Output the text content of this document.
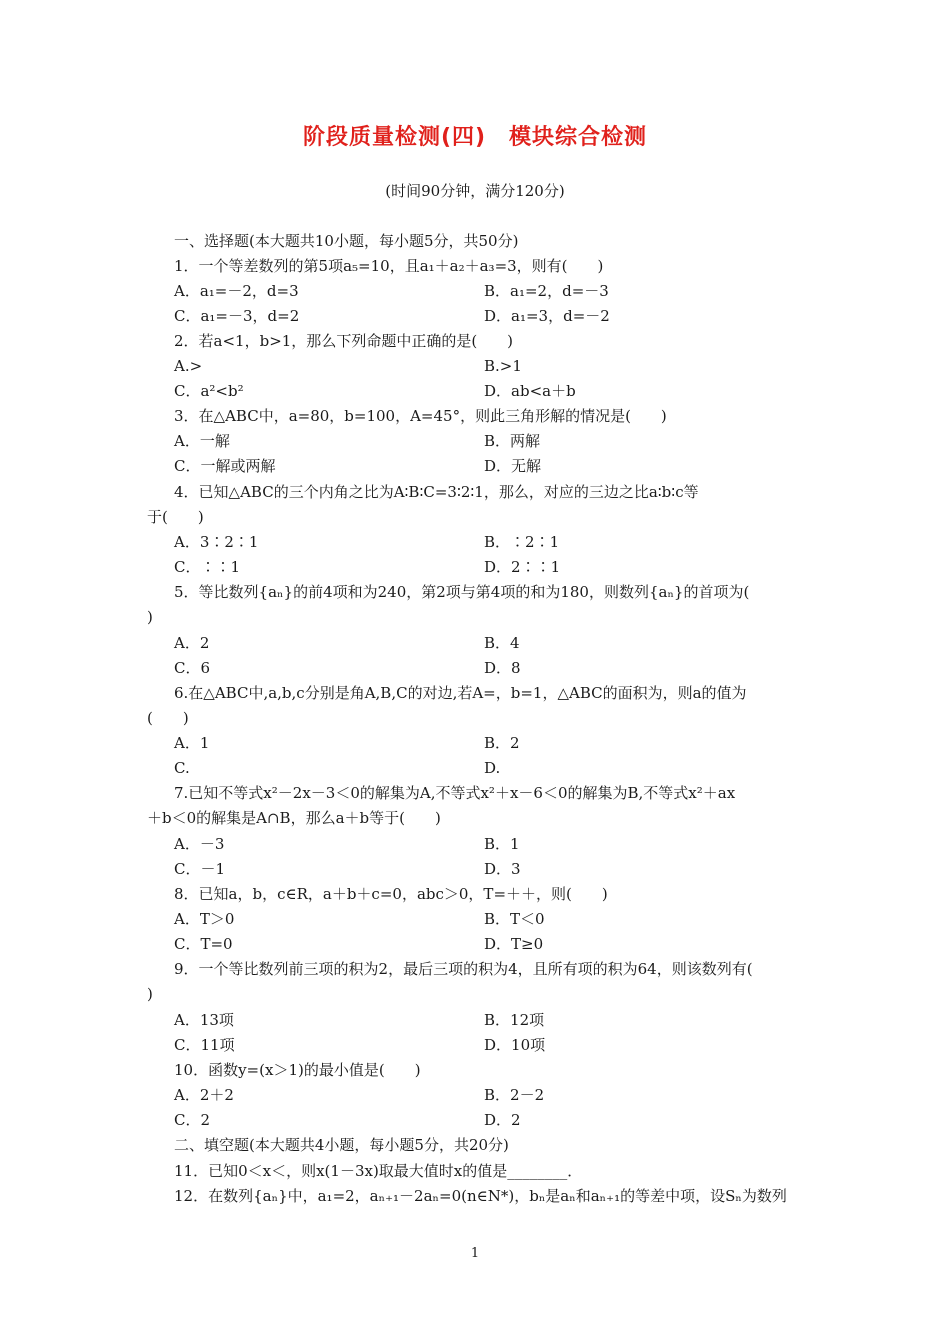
阶段质量检测(四)　模块综合检测
(时间90分钟，满分120分)
一、选择题(本大题共10小题，每小题5分，共50分)
1．一个等差数列的第5项a₅=10，且a₁＋a₂＋a₃=3，则有(　　)
A．a₁=－2，d=3	B．a₁=2，d=－3
C．a₁=－3，d=2	D．a₁=3，d=－2
2．若a<1，b>1，那么下列命题中正确的是(　　)
A.>	B.>1
C．a²<b²	D．ab<a＋b
3．在△ABC中，a=80，b=100，A=45°，则此三角形解的情况是(　　)
A．一解	B．两解
C．一解或两解	D．无解
4．已知△ABC的三个内角之比为A∶B∶C=3∶2∶1，那么，对应的三边之比a∶b∶c等
于(　　)
A．3∶2∶1	B．∶2∶1
C．∶∶1	D．2∶∶1
5．等比数列{aₙ}的前4项和为240，第2项与第4项的和为180，则数列{aₙ}的首项为(
)
A．2	B．4
C．6	D．8
6.在△ABC中,a,b,c分别是角A,B,C的对边,若A=，b=1，△ABC的面积为，则a的值为
(　　)
A．1	B．2
C.	D.
7.已知不等式x²－2x－3＜0的解集为A,不等式x²＋x－6＜0的解集为B,不等式x²＋ax
＋b＜0的解集是A∩B，那么a＋b等于(　　)
A．－3	B．1
C．－1	D．3
8．已知a，b，c∈R，a＋b＋c=0，abc＞0，T=＋＋，则(　　)
A．T＞0	B．T＜0
C．T=0	D．T≥0
9．一个等比数列前三项的积为2，最后三项的积为4，且所有项的积为64，则该数列有(
)
A．13项	B．12项
C．11项	D．10项
10．函数y=(x＞1)的最小值是(　　)
A．2＋2	B．2－2
C．2	D．2
二、填空题(本大题共4小题，每小题5分，共20分)
11．已知0＜x＜，则x(1－3x)取最大值时x的值是________．
12．在数列{aₙ}中，a₁=2，aₙ₊₁－2aₙ=0(n∈N*)，bₙ是aₙ和aₙ₊₁的等差中项，设Sₙ为数列
1
